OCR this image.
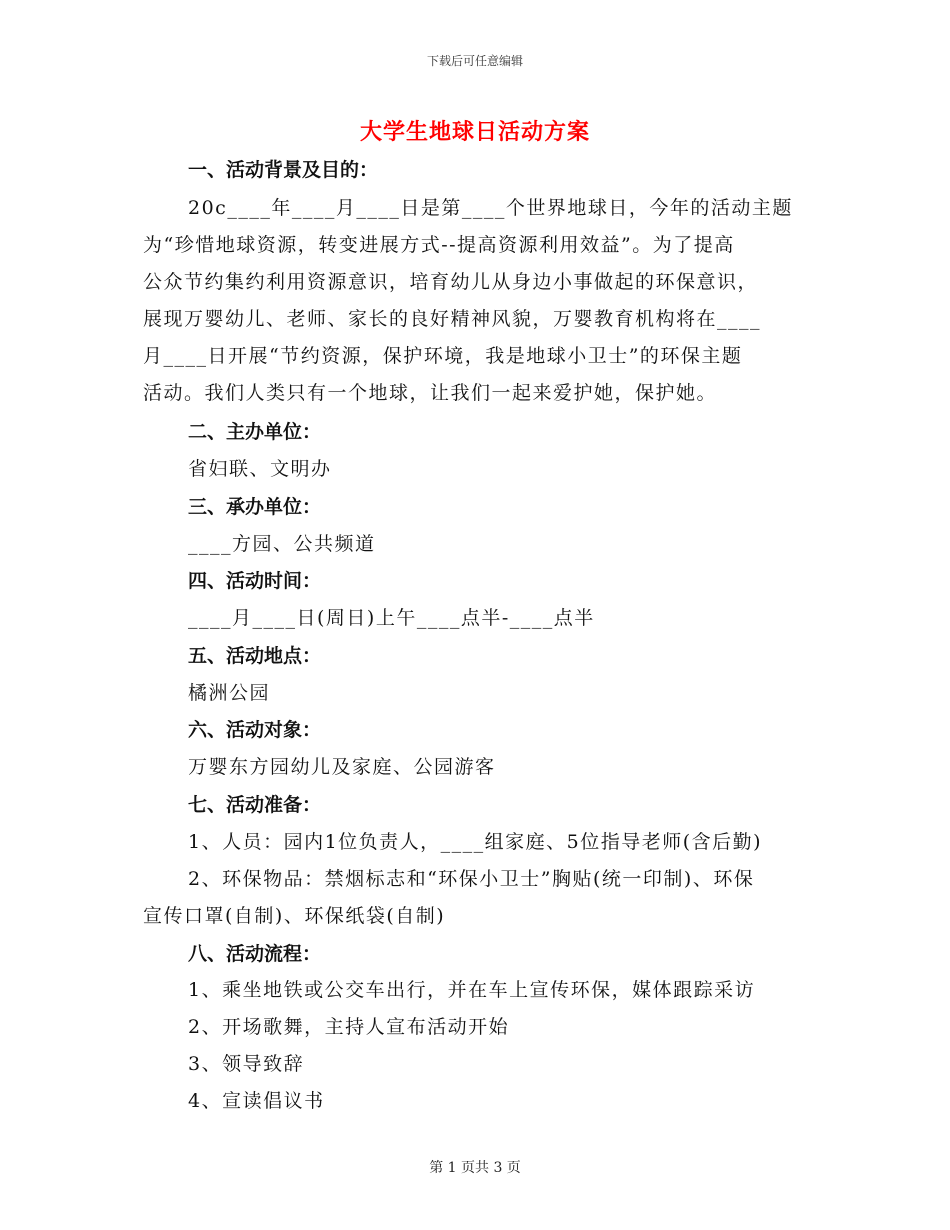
下载后可任意编辑
大学生地球日活动方案
一、活动背景及目的：
20c____年____月____日是第____个世界地球日，今年的活动主题
为“珍惜地球资源，转变进展方式--提高资源利用效益”。为了提高
公众节约集约利用资源意识，培育幼儿从身边小事做起的环保意识，
展现万婴幼儿、老师、家长的良好精神风貌，万婴教育机构将在____
月____日开展“节约资源，保护环境，我是地球小卫士”的环保主题
活动。我们人类只有一个地球，让我们一起来爱护她，保护她。
二、主办单位：
省妇联、文明办
三、承办单位：
____方园、公共频道
四、活动时间：
____月____日(周日)上午____点半-____点半
五、活动地点：
橘洲公园
六、活动对象：
万婴东方园幼儿及家庭、公园游客
七、活动准备：
1、人员：园内1位负责人，____组家庭、5位指导老师(含后勤)
2、环保物品：禁烟标志和“环保小卫士”胸贴(统一印制)、环保
宣传口罩(自制)、环保纸袋(自制)
八、活动流程：
1、乘坐地铁或公交车出行，并在车上宣传环保，媒体跟踪采访
2、开场歌舞，主持人宣布活动开始
3、领导致辞
4、宣读倡议书
第 1 页共 3 页
